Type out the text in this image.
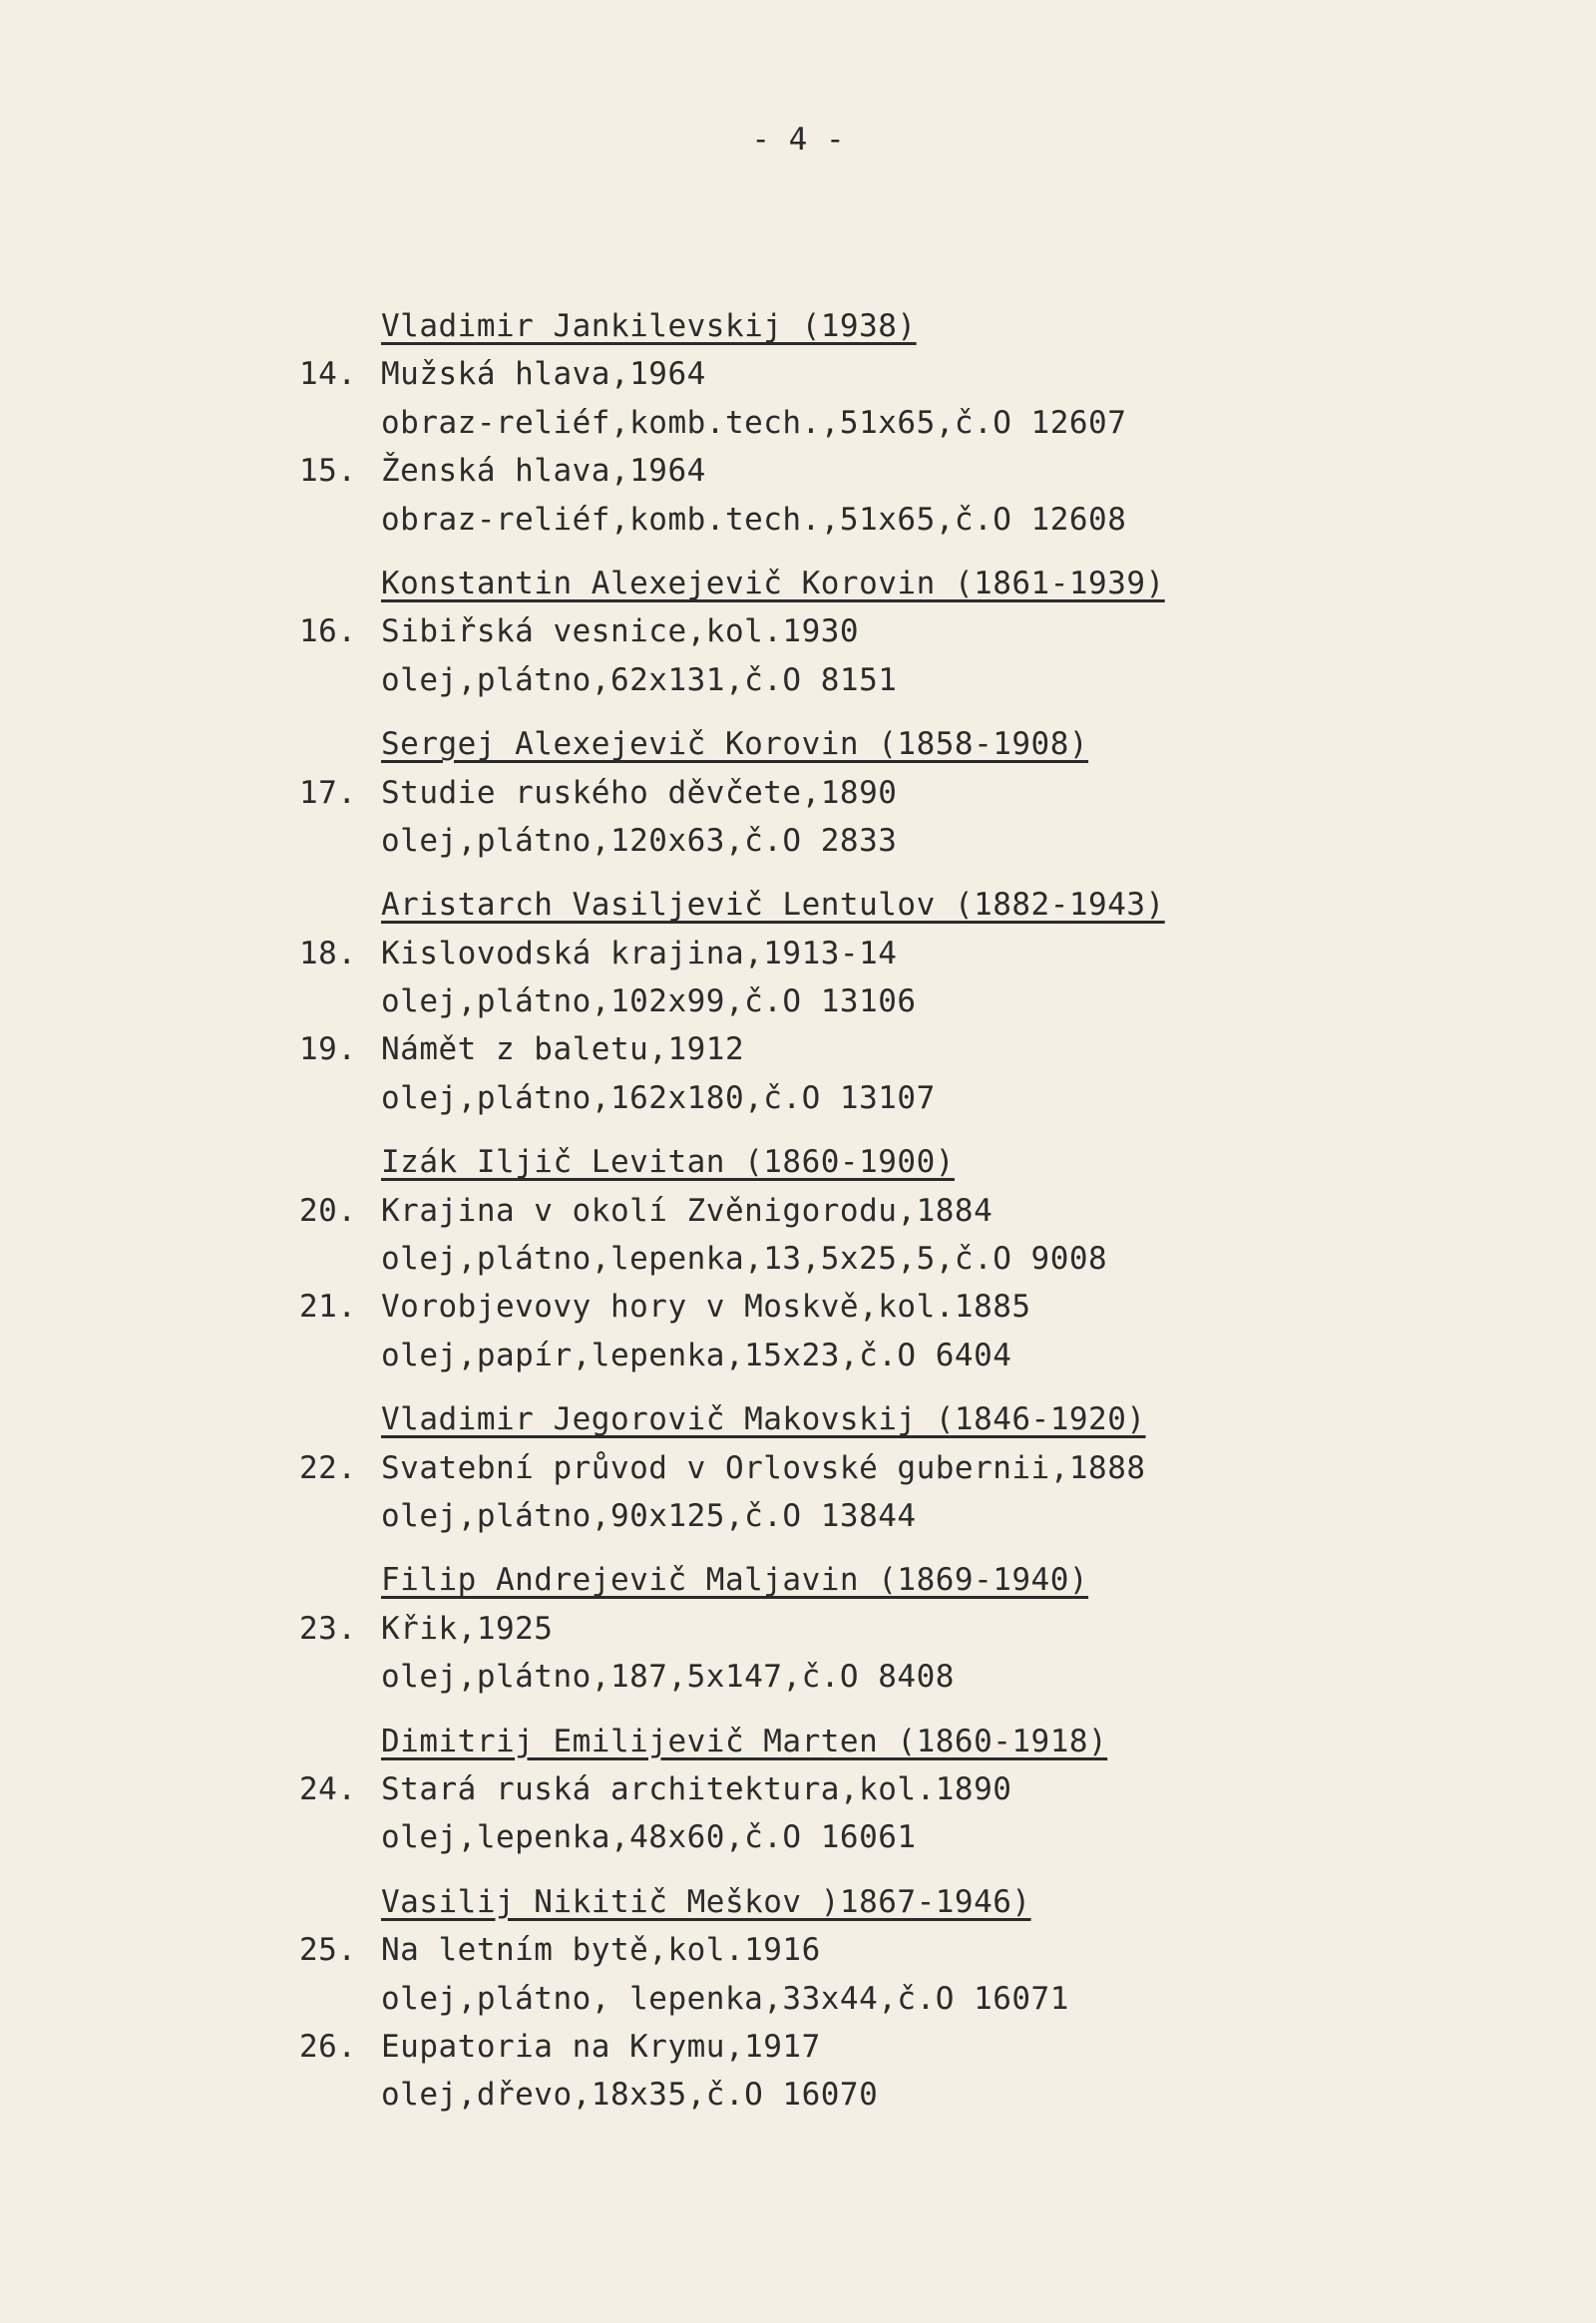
- 4 -
Vladimir Jankilevskij (1938)
14. Mužská hlava,1964
obraz-reliéf,komb.tech.,51x65,č.O 12607
15. Ženská hlava,1964
obraz-reliéf,komb.tech.,51x65,č.O 12608
Konstantin Alexejevič Korovin (1861-1939)
16. Sibiřská vesnice,kol.1930
olej,plátno,62x131,č.O 8151
Sergej Alexejevič Korovin (1858-1908)
17. Studie ruského děvčete,1890
olej,plátno,120x63,č.O 2833
Aristarch Vasiljevič Lentulov (1882-1943)
18. Kislovodská krajina,1913-14
olej,plátno,102x99,č.O 13106
19. Námět z baletu,1912
olej,plátno,162x180,č.O 13107
Izák Iljič Levitan (1860-1900)
20. Krajina v okolí Zvěnigorodu,1884
olej,plátno,lepenka,13,5x25,5,č.O 9008
21. Vorobjevovy hory v Moskvě,kol.1885
olej,papír,lepenka,15x23,č.O 6404
Vladimir Jegorovič Makovskij (1846-1920)
22. Svatební průvod v Orlovské gubernii,1888
olej,plátno,90x125,č.O 13844
Filip Andrejevič Maljavin (1869-1940)
23. Křik,1925
olej,plátno,187,5x147,č.O 8408
Dimitrij Emilijevič Marten (1860-1918)
24. Stará ruská architektura,kol.1890
olej,lepenka,48x60,č.O 16061
Vasilij Nikitič Meškov )1867-1946)
25. Na letním bytě,kol.1916
olej,plátno, lepenka,33x44,č.O 16071
26. Eupatoria na Krymu,1917
olej,dřevo,18x35,č.O 16070
